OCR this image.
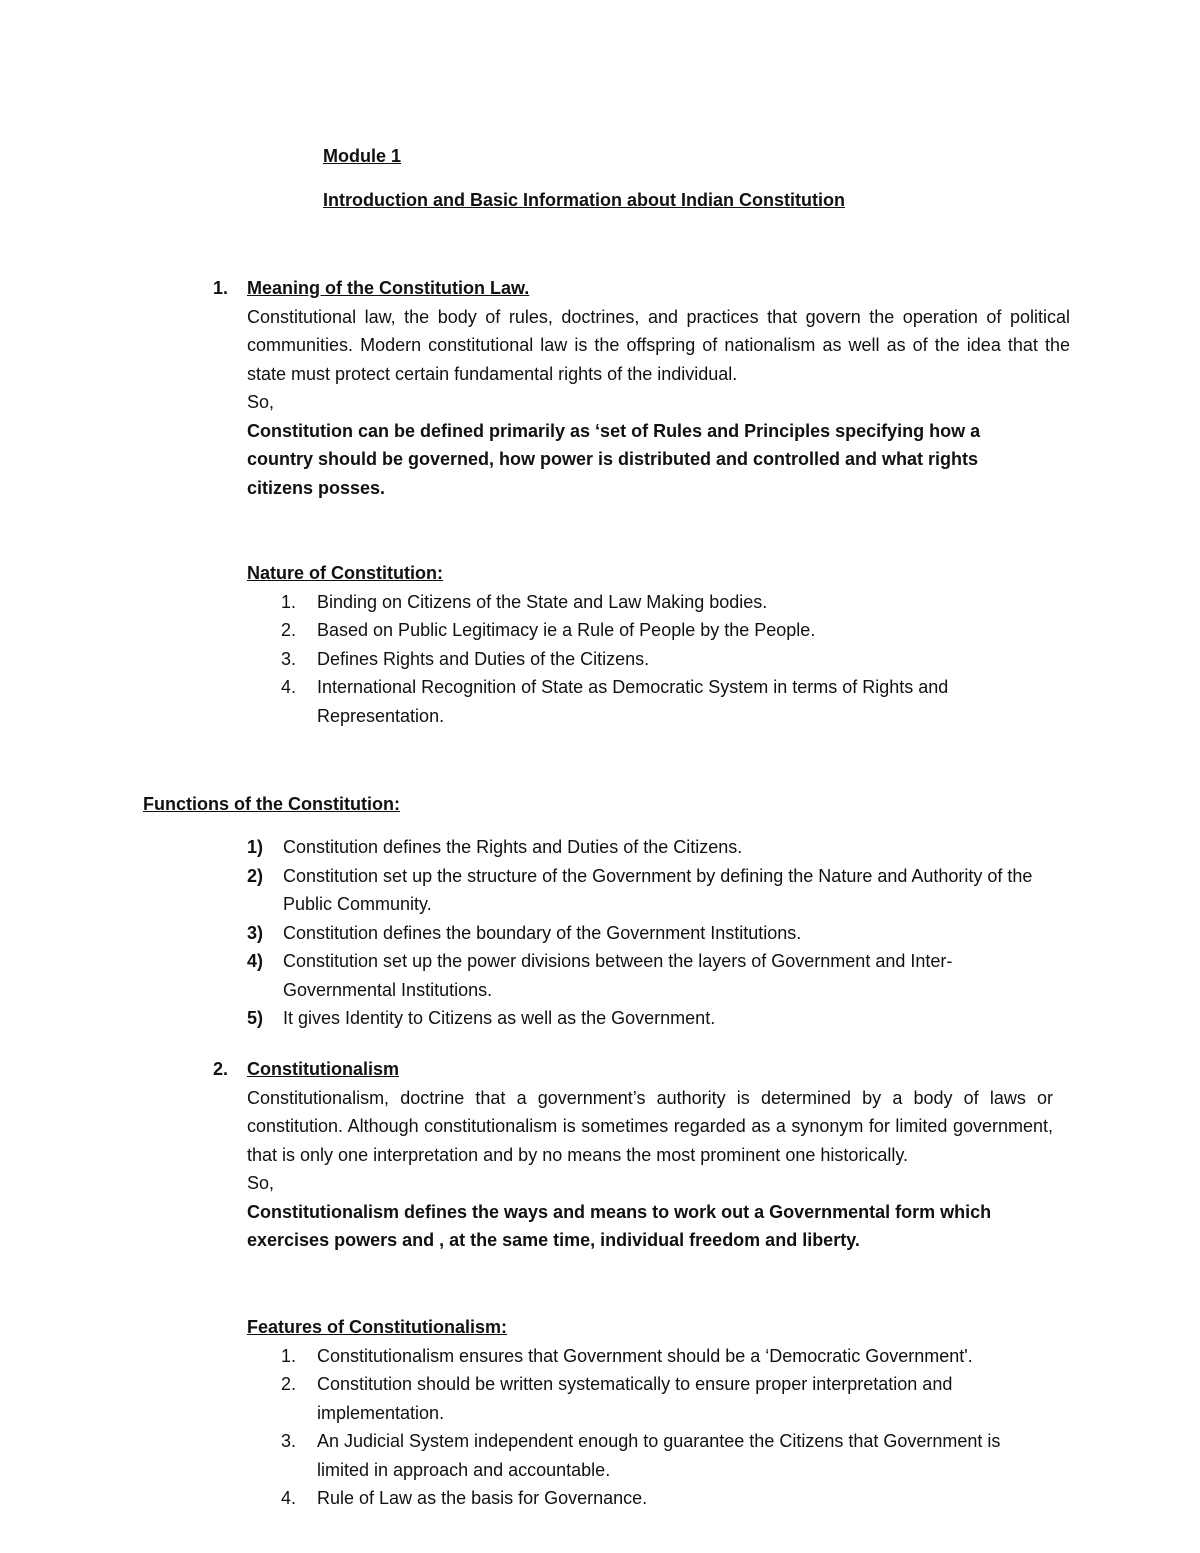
Module 1
Introduction and Basic Information about Indian Constitution
1. Meaning of the Constitution Law.
Constitutional law, the body of rules, doctrines, and practices that govern the operation of political communities. Modern constitutional law is the offspring of nationalism as well as of the idea that the state must protect certain fundamental rights of the individual.
So,
Constitution can be defined primarily as ‘set of Rules and Principles specifying how a country should be governed, how power is distributed and controlled and what rights citizens posses.
Nature of Constitution:
1. Binding on Citizens of the State and Law Making bodies.
2. Based on Public Legitimacy ie a Rule of People by the People.
3. Defines Rights and Duties of the Citizens.
4. International Recognition of State as Democratic System in terms of Rights and Representation.
Functions of the Constitution:
1) Constitution defines the Rights and Duties of the Citizens.
2) Constitution set up the structure of the Government by defining the Nature and Authority of the Public Community.
3) Constitution defines the boundary of the Government Institutions.
4) Constitution set up the power divisions between the layers of Government and Inter-Governmental Institutions.
5) It gives Identity to Citizens as well as the Government.
2. Constitutionalism
Constitutionalism, doctrine that a government’s authority is determined by a body of laws or constitution. Although constitutionalism is sometimes regarded as a synonym for limited government, that is only one interpretation and by no means the most prominent one historically.
So,
Constitutionalism defines the ways and means to work out a Governmental form which exercises powers and , at the same time, individual freedom and liberty.
Features of Constitutionalism:
1. Constitutionalism ensures that Government should be a ‘Democratic Government'.
2. Constitution should be written systematically to ensure proper interpretation and implementation.
3. An Judicial System independent enough to guarantee the Citizens that Government is limited in approach and accountable.
4. Rule of Law as the basis for Governance.
